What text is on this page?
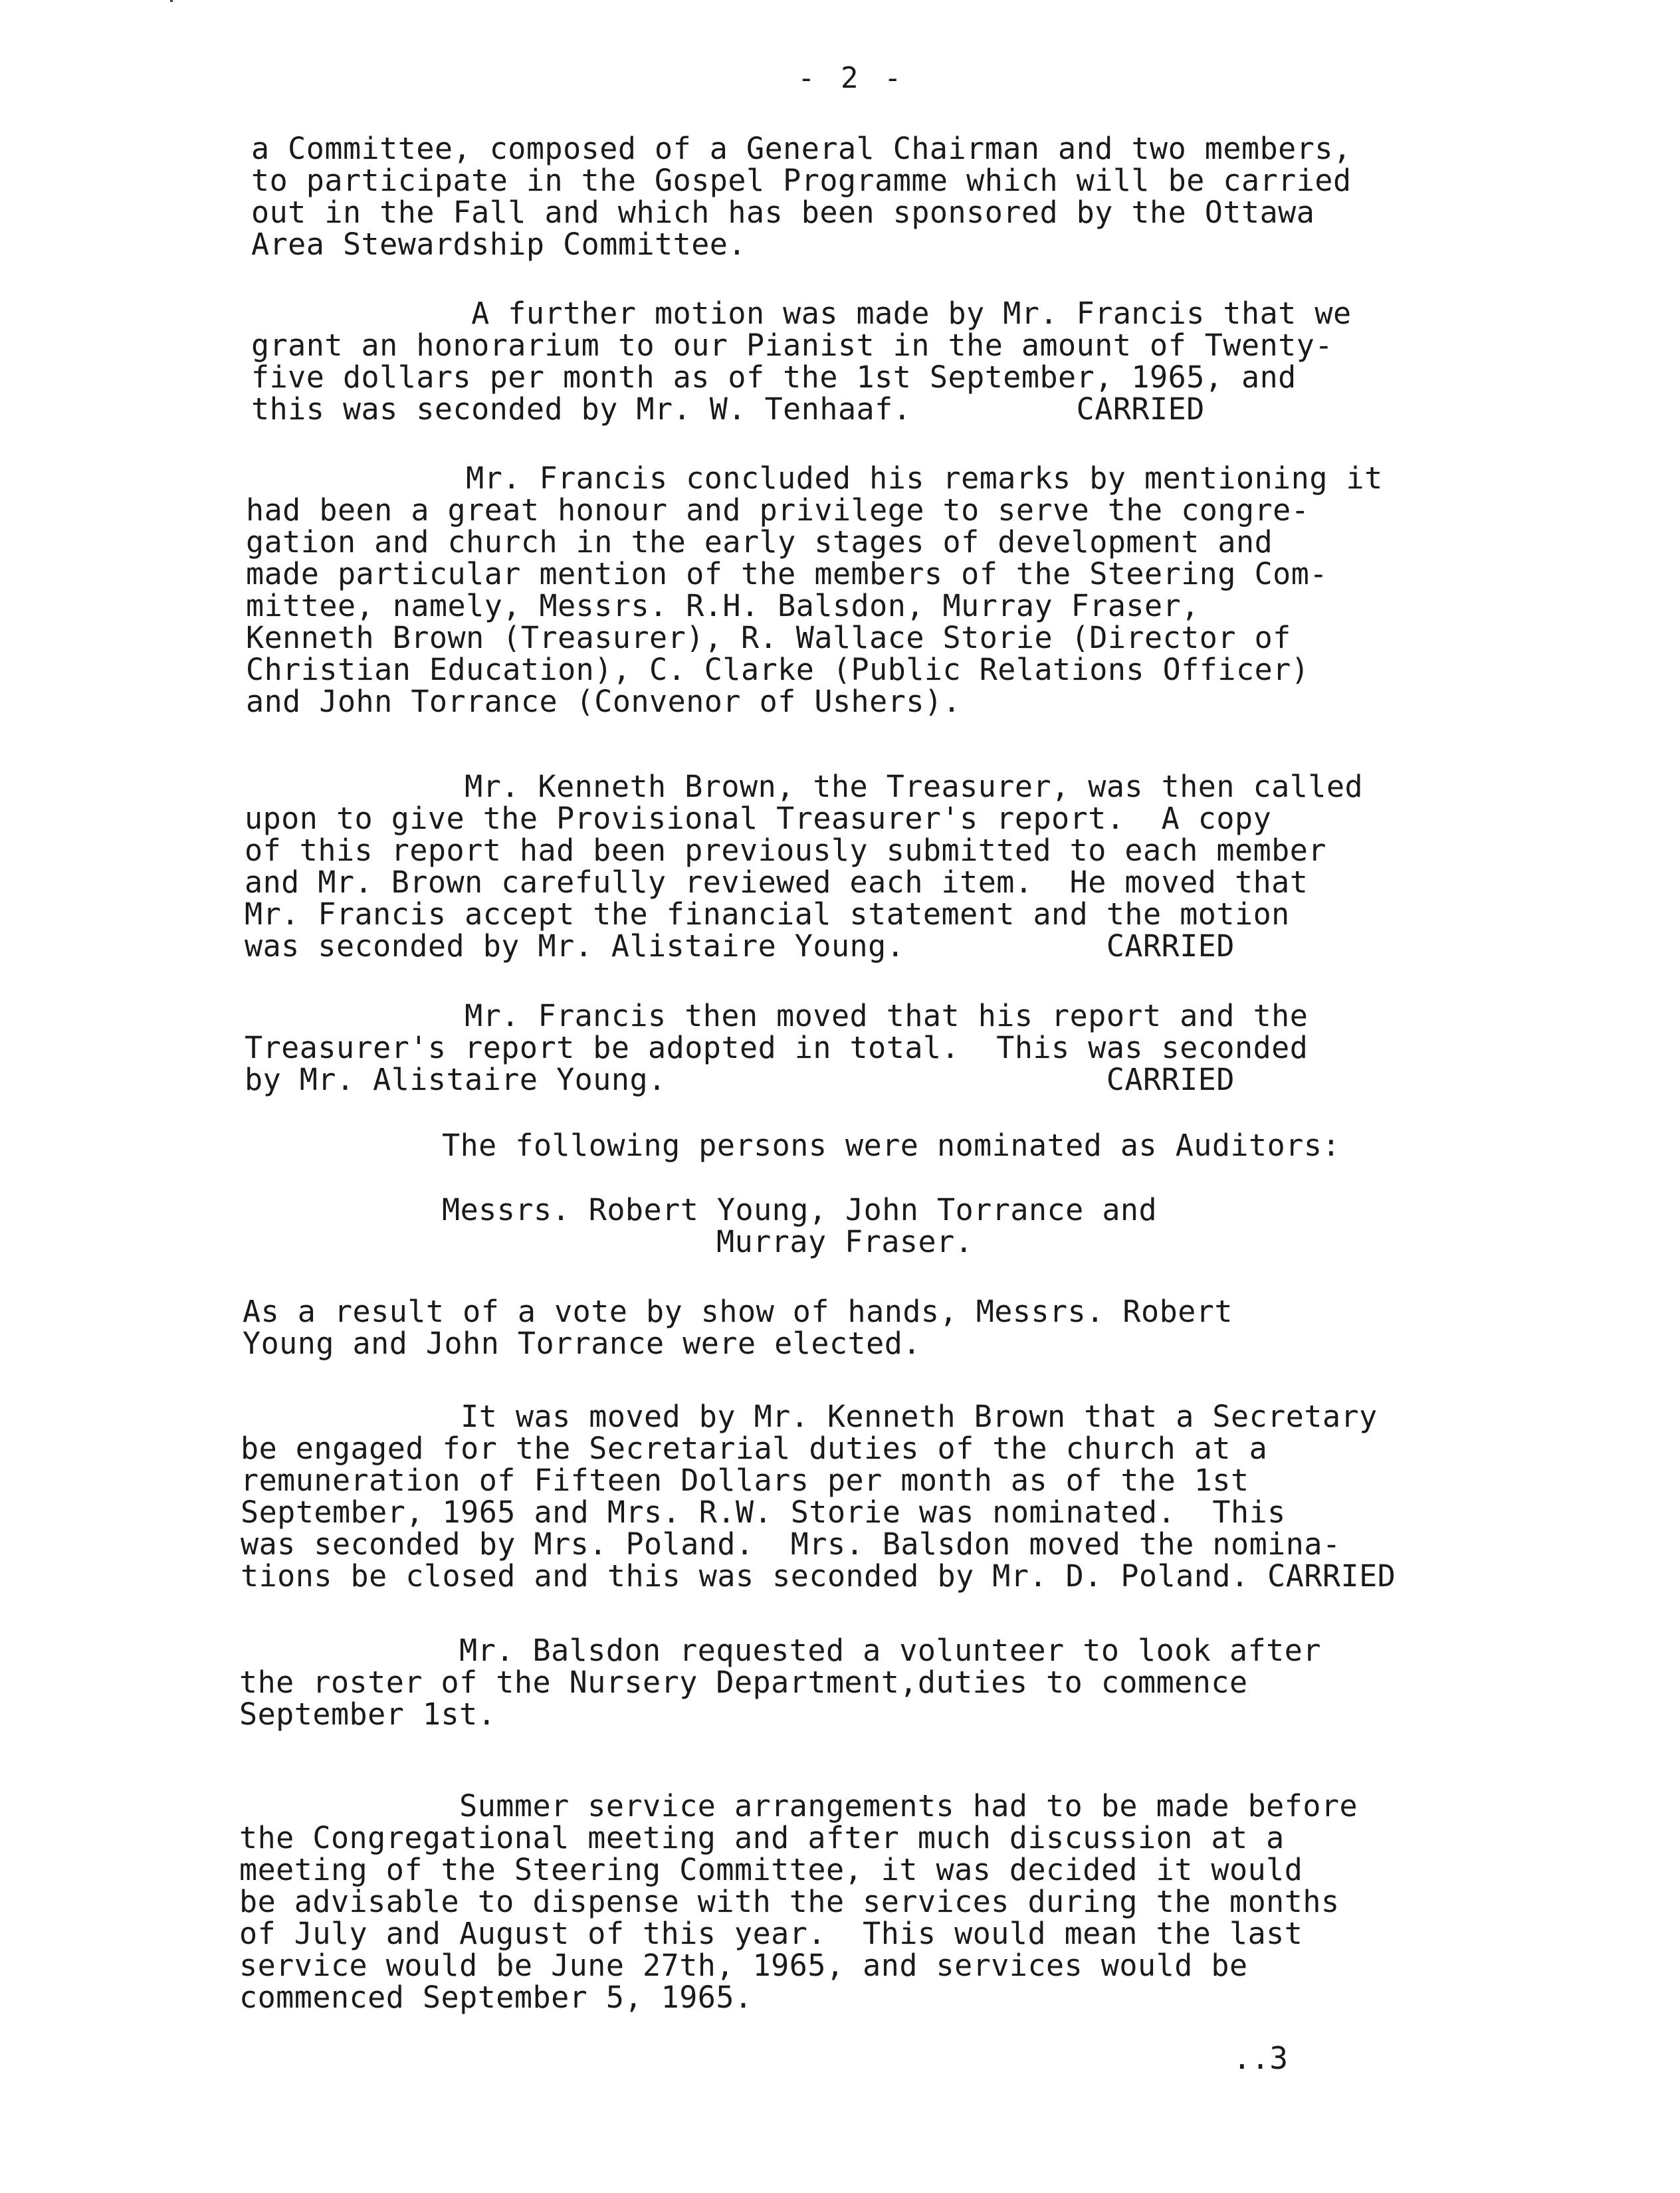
- 2 -
a Committee, composed of a General Chairman and two members,
to participate in the Gospel Programme which will be carried
out in the Fall and which has been sponsored by the Ottawa
Area Stewardship Committee.
A further motion was made by Mr. Francis that we
grant an honorarium to our Pianist in the amount of Twenty-
five dollars per month as of the 1st September, 1965, and
this was seconded by Mr. W. Tenhaaf.         CARRIED
Mr. Francis concluded his remarks by mentioning it
had been a great honour and privilege to serve the congre-
gation and church in the early stages of development and
made particular mention of the members of the Steering Com-
mittee, namely, Messrs. R.H. Balsdon, Murray Fraser,
Kenneth Brown (Treasurer), R. Wallace Storie (Director of
Christian Education), C. Clarke (Public Relations Officer)
and John Torrance (Convenor of Ushers).
Mr. Kenneth Brown, the Treasurer, was then called
upon to give the Provisional Treasurer's report.  A copy
of this report had been previously submitted to each member
and Mr. Brown carefully reviewed each item.  He moved that
Mr. Francis accept the financial statement and the motion
was seconded by Mr. Alistaire Young.           CARRIED
Mr. Francis then moved that his report and the
Treasurer's report be adopted in total.  This was seconded
by Mr. Alistaire Young.                        CARRIED
The following persons were nominated as Auditors:
Messrs. Robert Young, John Torrance and
Murray Fraser.
As a result of a vote by show of hands, Messrs. Robert
Young and John Torrance were elected.
It was moved by Mr. Kenneth Brown that a Secretary
be engaged for the Secretarial duties of the church at a
remuneration of Fifteen Dollars per month as of the 1st
September, 1965 and Mrs. R.W. Storie was nominated.  This
was seconded by Mrs. Poland.  Mrs. Balsdon moved the nomina-
tions be closed and this was seconded by Mr. D. Poland. CARRIED
Mr. Balsdon requested a volunteer to look after
the roster of the Nursery Department,duties to commence
September 1st.
Summer service arrangements had to be made before
the Congregational meeting and after much discussion at a
meeting of the Steering Committee, it was decided it would
be advisable to dispense with the services during the months
of July and August of this year.  This would mean the last
service would be June 27th, 1965, and services would be
commenced September 5, 1965.
..3
